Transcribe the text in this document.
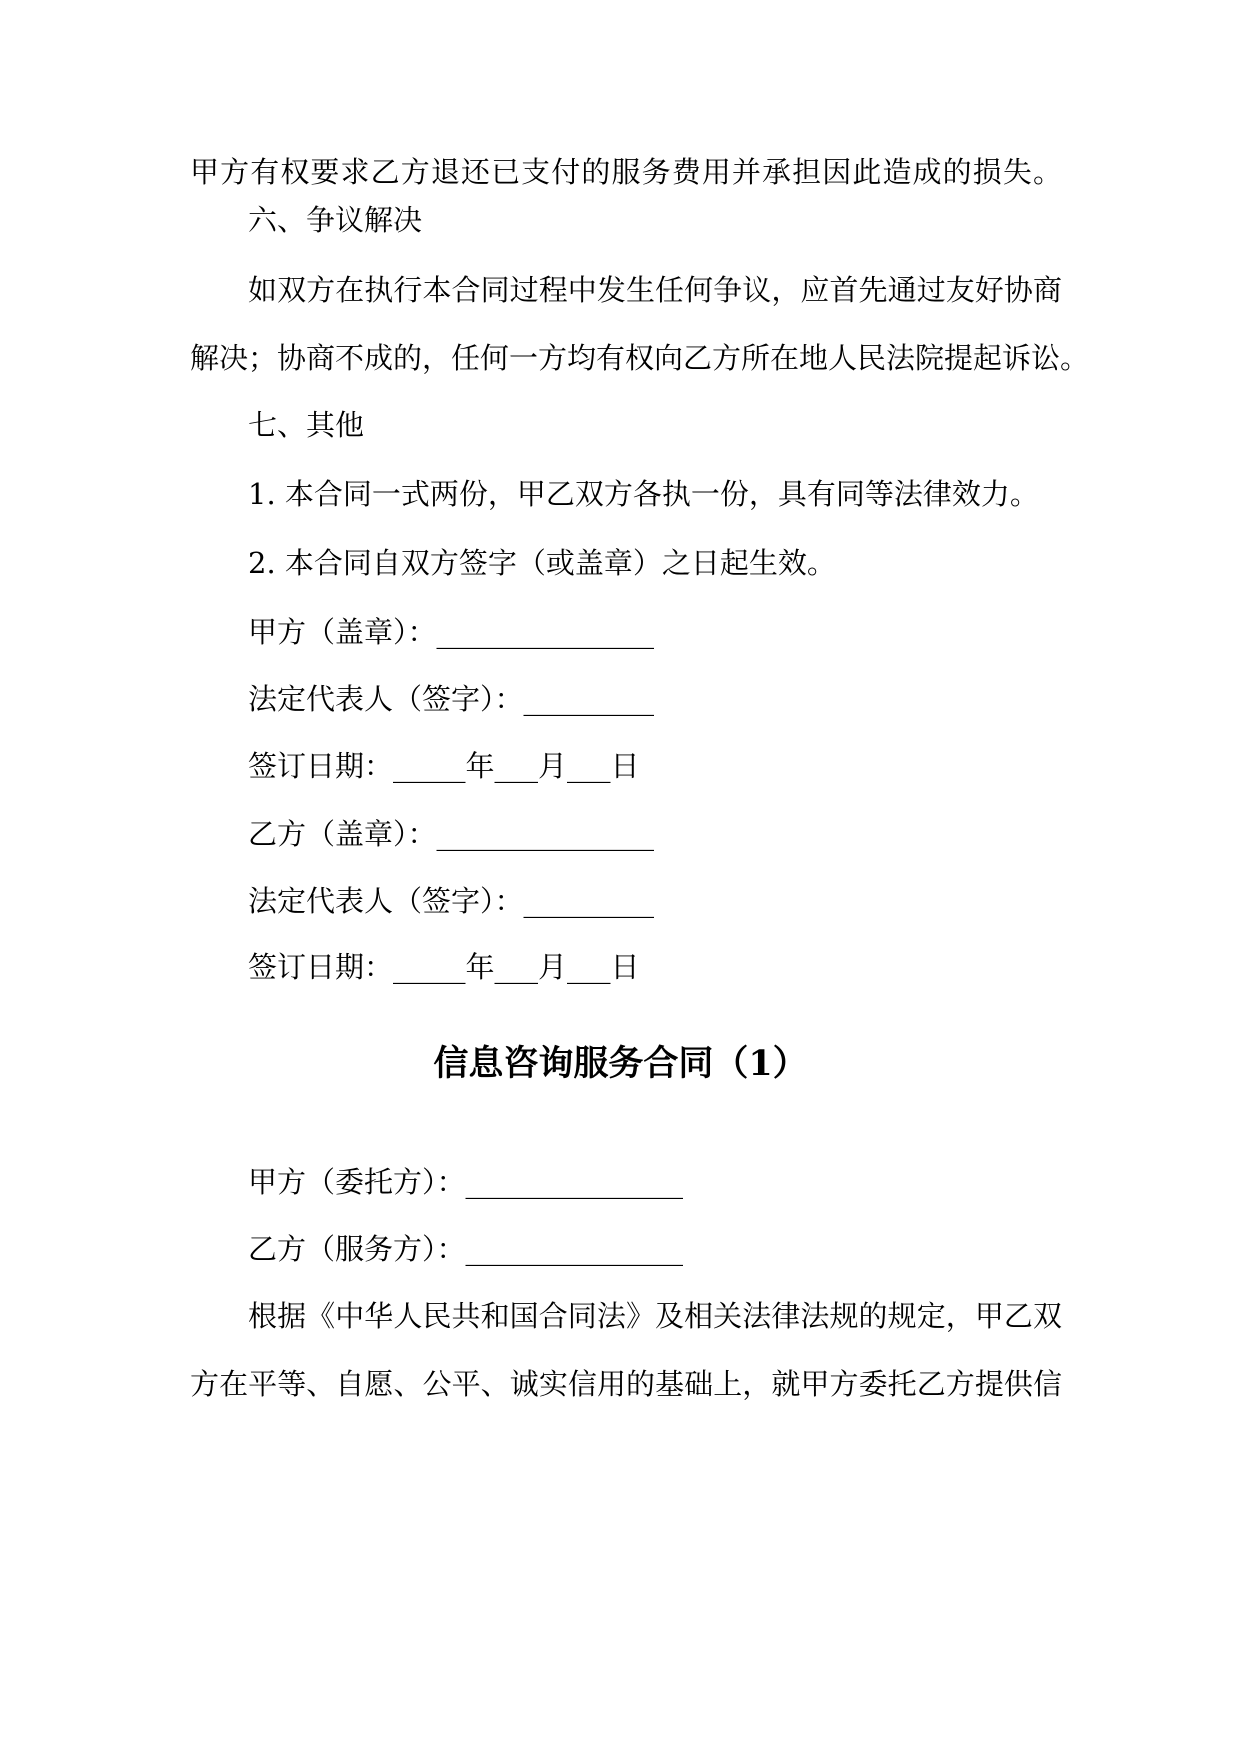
甲方有权要求乙方退还已支付的服务费用并承担因此造成的损失。
六、争议解决
如双方在执行本合同过程中发生任何争议，应首先通过友好协商
解决；协商不成的，任何一方均有权向乙方所在地人民法院提起诉讼。
七、其他
1. 本合同一式两份，甲乙双方各执一份，具有同等法律效力。
2. 本合同自双方签字（或盖章）之日起生效。
甲方（盖章）：_______________
法定代表人（签字）：_________
签订日期：_____年___月___日
乙方（盖章）：_______________
法定代表人（签字）：_________
签订日期：_____年___月___日
信息咨询服务合同（1）
甲方（委托方）：_______________
乙方（服务方）：_______________
根据《中华人民共和国合同法》及相关法律法规的规定，甲乙双
方在平等、自愿、公平、诚实信用的基础上，就甲方委托乙方提供信
